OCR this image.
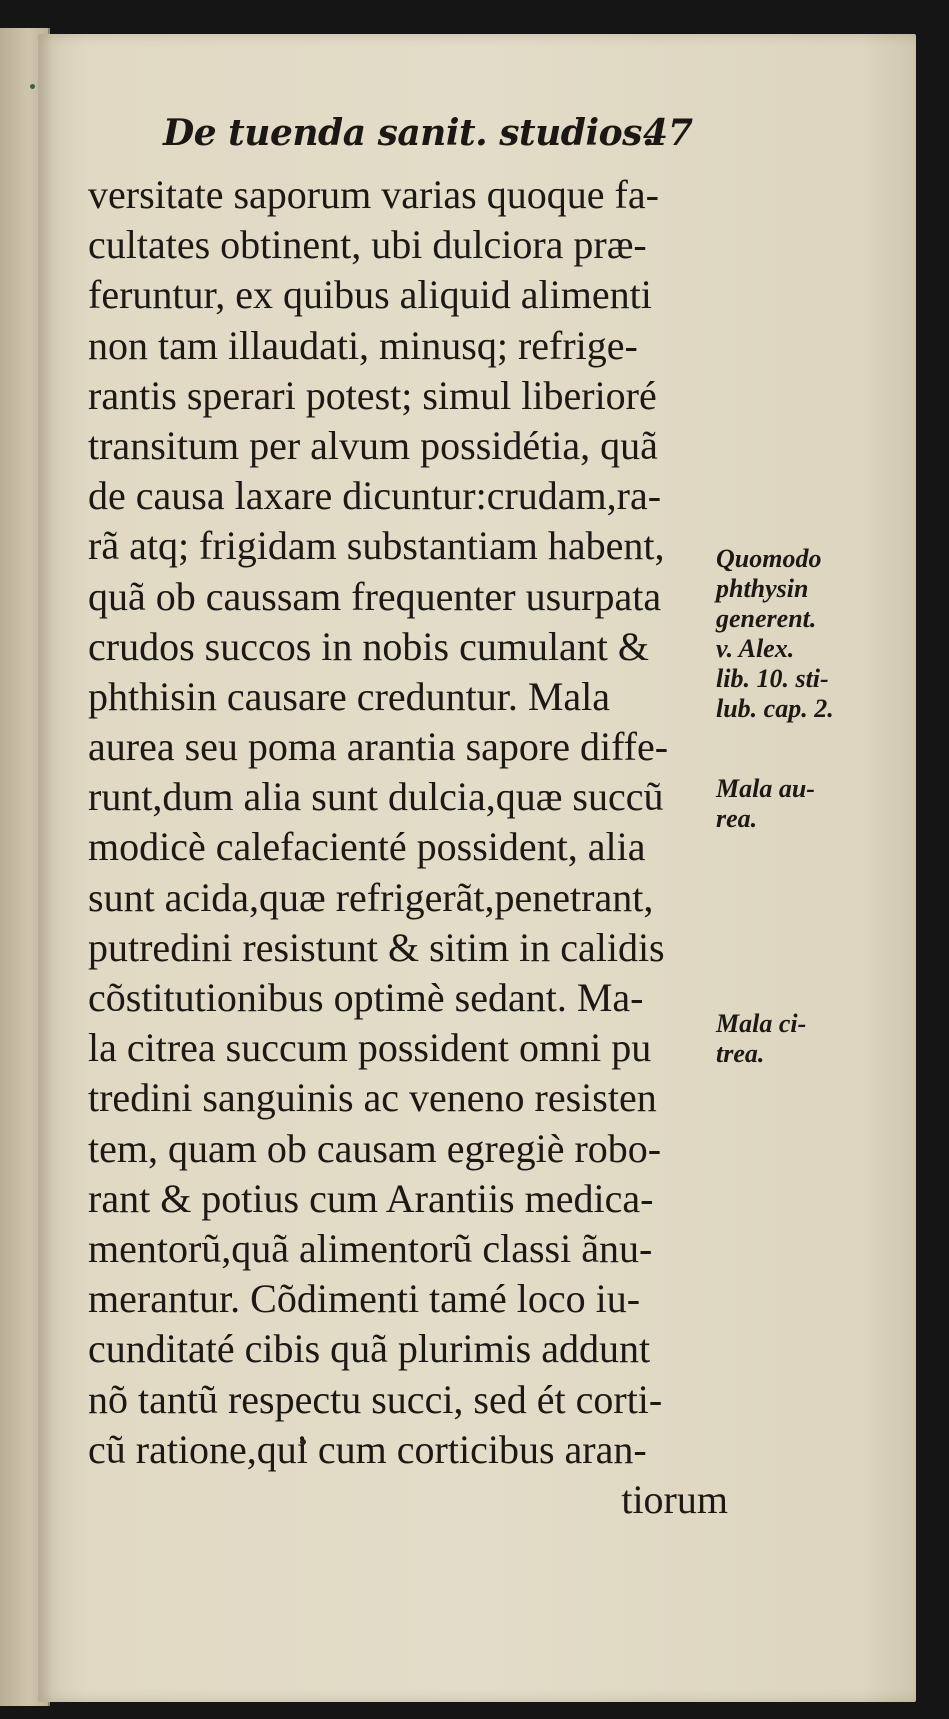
De tuenda sanit. studios.
47
versitate saporum varias quoque fa-
cultates obtinent, ubi dulciora præ-
feruntur, ex quibus aliquid alimenti
non tam illaudati, minusq; refrige-
rantis sperari potest; simul liberioré
transitum per alvum possidétia, quã
de causa laxare dicuntur:crudam,ra-
rã atq; frigidam substantiam habent,
quã ob caussam frequenter usurpata
crudos succos in nobis cumulant &
phthisin causare creduntur. Mala
aurea seu poma arantia sapore diffe-
runt,dum alia sunt dulcia,quæ succũ
modicè calefacienté possident, alia
sunt acida,quæ refrigerãt,penetrant,
putredini resistunt & sitim in calidis
cõstitutionibus optimè sedant. Ma-
la citrea succum possident omni pu
tredini sanguinis ac veneno resisten
tem, quam ob causam egregiè robo-
rant & potius cum Arantiis medica-
mentorũ,quã alimentorũ classi ãnu-
merantur. Cõdimenti tamé loco iu-
cunditaté cibis quã plurimis addunt
nõ tantũ respectu succi, sed ét corti-
cũ ratione,qui cum corticibus aran-
tiorum
Quomodo
phthysin
generent.
v. Alex.
lib. 10. sti-
lub. cap. 2.
Mala au-
rea.
Mala ci-
trea.
